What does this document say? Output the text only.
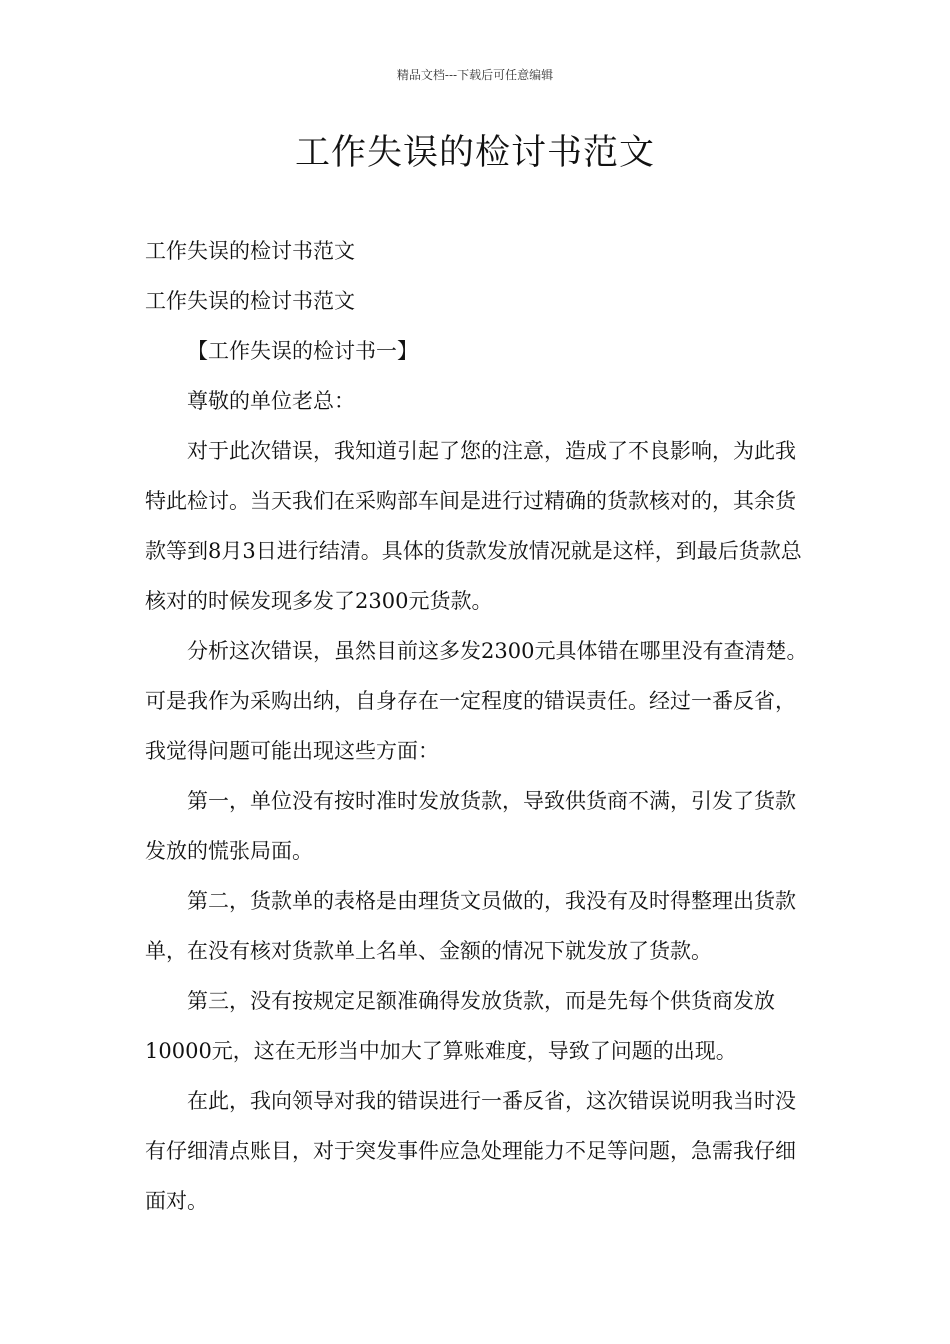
精品文档---下载后可任意编辑
工作失误的检讨书范文

工作失误的检讨书范文

工作失误的检讨书范文

【工作失误的检讨书一】

尊敬的单位老总：

对于此次错误，我知道引起了您的注意，造成了不良影响，为此我特此检讨。当天我们在采购部车间是进行过精确的货款核对的，其余货款等到8月3日进行结清。具体的货款发放情况就是这样，到最后货款总核对的时候发现多发了2300元货款。

分析这次错误，虽然目前这多发2300元具体错在哪里没有查清楚。可是我作为采购出纳，自身存在一定程度的错误责任。经过一番反省，我觉得问题可能出现这些方面：

第一，单位没有按时准时发放货款，导致供货商不满，引发了货款发放的慌张局面。

第二，货款单的表格是由理货文员做的，我没有及时得整理出货款单，在没有核对货款单上名单、金额的情况下就发放了货款。

第三，没有按规定足额准确得发放货款，而是先每个供货商发放10000元，这在无形当中加大了算账难度，导致了问题的出现。

在此，我向领导对我的错误进行一番反省，这次错误说明我当时没有仔细清点账目，对于突发事件应急处理能力不足等问题，急需我仔细面对。
